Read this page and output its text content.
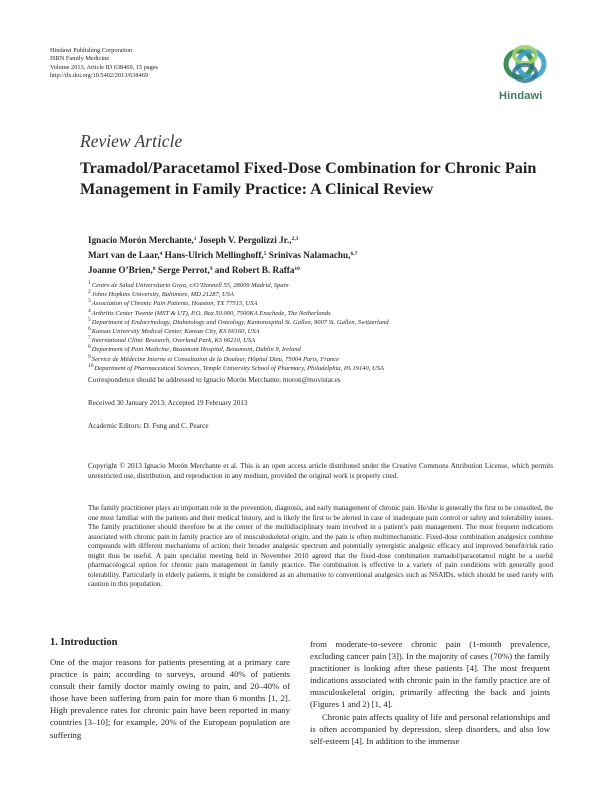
Hindawi Publishing Corporation
ISRN Family Medicine
Volume 2013, Article ID 638469, 15 pages
http://dx.doi.org/10.5402/2013/638469
Hindawi
Review Article
Tramadol/Paracetamol Fixed-Dose Combination for Chronic Pain Management in Family Practice: A Clinical Review
Ignacio Morón Merchante,$^1$ Joseph V. Pergolizzi Jr.,$^{2,3}$
Mart van de Laar,$^4$ Hans-Ulrich Mellinghoff,$^5$ Srinivas Nalamachu,$^{6,7}$
Joanne O’Brien,$^8$ Serge Perrot,$^9$ and Robert B. Raffa$^{10}$
$^1$Centro de Salud Universitario Goya, c/O’Donnell 55, 28009 Madrid, Spain
$^2$Johns Hopkins University, Baltimore, MD 21287, USA
$^3$Association of Chronic Pain Patients, Houston, TX 77515, USA
$^4$Arthritis Center Twente (MST & UT), P.O. Box 50.000, 7500KA Enschede, The Netherlands
$^5$Department of Endocrinology, Diabetology and Osteology, Kantonsspital St. Gallen, 9007 St. Gallen, Switzerland
$^6$Kansas University Medical Center, Kansas City, KS 66160, USA
$^7$International Clinic Research, Overland Park, KS 66210, USA
$^8$Department of Pain Medicine, Beaumont Hospital, Beaumont, Dublin 9, Ireland
$^9$Service de Médecine Interne et Consultation de la Douleur, Hôpital Dieu, 75004 Paris, France
$^{10}$Department of Pharmaceutical Sciences, Temple University School of Pharmacy, Philadelphia, PA 19140, USA
Correspondence should be addressed to Ignacio Morón Merchante; moron@movistar.es
Received 30 January 2013; Accepted 19 February 2013
Academic Editors: D. Fung and C. Pearce
Copyright © 2013 Ignacio Morón Merchante et al. This is an open access article distributed under the Creative Commons Attribution License, which permits unrestricted use, distribution, and reproduction in any medium, provided the original work is properly cited.
The family practitioner plays an important role in the prevention, diagnosis, and early management of chronic pain. He/she is generally the first to be consulted, the one most familiar with the patients and their medical history, and is likely the first to be alerted in case of inadequate pain control or safety and tolerability issues. The family practitioner should therefore be at the center of the multidisciplinary team involved in a patient’s pain management. The most frequent indications associated with chronic pain in family practice are of musculoskeletal origin, and the pain is often multimechanistic. Fixed-dose combination analgesics combine compounds with different mechanisms of action; their broader analgesic spectrum and potentially synergistic analgesic efficacy and improved benefit/risk ratio might thus be useful. A pain specialist meeting held in November 2010 agreed that the fixed-dose combination tramadol/paracetamol might be a useful pharmacological option for chronic pain management in family practice. The combination is effective in a variety of pain conditions with generally good tolerability. Particularly in elderly patients, it might be considered as an alternative to conventional analgesics such as NSAIDs, which should be used rarely with caution in this population.
1. Introduction

One of the major reasons for patients presenting at a primary care practice is pain; according to surveys, around 40% of patients consult their family doctor mainly owing to pain, and 20–40% of those have been suffering from pain for more than 6 months [1, 2]. High prevalence rates for chronic pain have been reported in many countries [3–10]; for example, 20% of the European population are suffering

from moderate-to-severe chronic pain (1-month prevalence, excluding cancer pain [3]). In the majority of cases (70%) the family practitioner is looking after these patients [4]. The most frequent indications associated with chronic pain in the family practice are of musculoskeletal origin, primarily affecting the back and joints (Figures 1 and 2) [1, 4].

Chronic pain affects quality of life and personal relationships and is often accompanied by depression, sleep disorders, and also low self-esteem [4]. In addition to the immense
